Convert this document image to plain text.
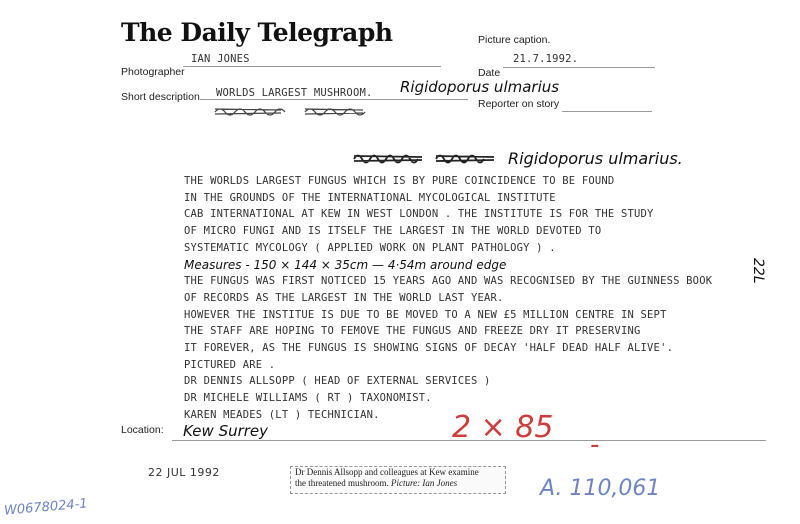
The Daily Telegraph	Picture caption.
Photographer
IAN JONES
Date
21.7.1992.
Short description. WORLDS LARGEST MUSHROOM. Rigidoporus ulmarius
Reporter on story
Rigidoporus ulmarius.
THE WORLDS LARGEST FUNGUS WHICH IS BY PURE COINCIDENCE TO BE FOUND
IN THE GROUNDS OF THE INTERNATIONAL MYCOLOGICAL INSTITUTE
CAB INTERNATIONAL AT KEW IN WEST LONDON . THE INSTITUTE IS FOR THE STUDY
OF MICRO FUNGI AND IS ITSELF THE LARGEST IN THE WORLD DEVOTED TO
SYSTEMATIC MYCOLOGY ( APPLIED WORK ON PLANT PATHOLOGY ) .
Measures - 150 × 144 × 35cm — 4·54m around edge
THE FUNGUS WAS FIRST NOTICED 15 YEARS AGO AND WAS RECOGNISED BY THE GUINNESS BOOK
OF RECORDS AS THE LARGEST IN THE WORLD LAST YEAR.
HOWEVER THE INSTITUE IS DUE TO BE MOVED TO A NEW £5 MILLION CENTRE IN SEPT
THE STAFF ARE HOPING TO FEMOVE THE FUNGUS AND FREEZE DRY IT PRESERVING
IT FOREVER, AS THE FUNGUS IS SHOWING SIGNS OF DECAY 'HALF DEAD HALF ALIVE'.
PICTURED ARE .
DR DENNIS ALLSOPP ( HEAD OF EXTERNAL SERVICES )
DR MICHELE WILLIAMS ( RT ) TAXONOMIST.
KAREN MEADES (LT ) TECHNICIAN.
Location: Kew Surrey	2 × 85 -
22 JUL 1992	Dr Dennis Allsopp and colleagues at Kew examine
the threatened mushroom. Picture: Ian Jones	A. 110,061
22L
W0678024-1
